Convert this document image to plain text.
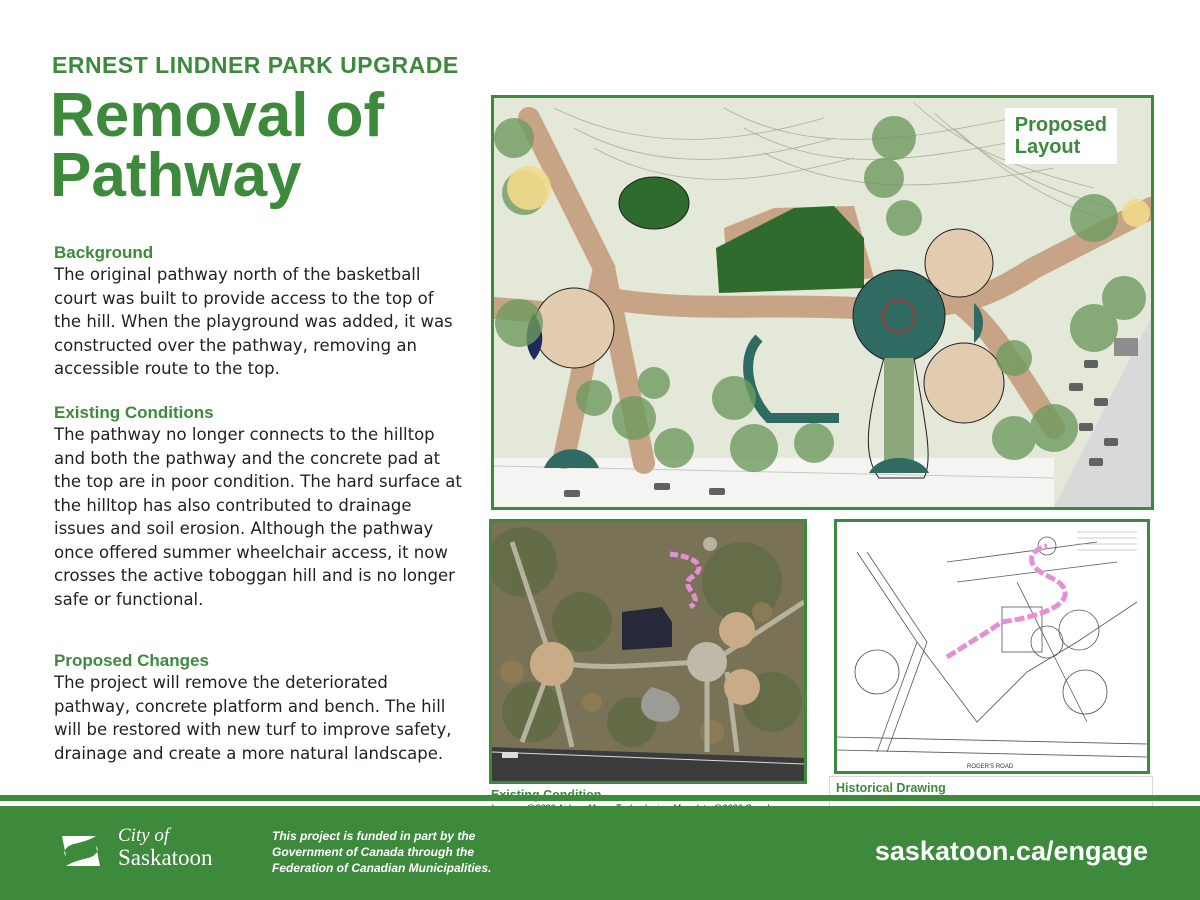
ERNEST LINDNER PARK UPGRADE
Removal of
Pathway
Background

The original pathway north of the basketball court was built to provide access to the top of the hill. When the playground was added, it was constructed over the pathway, removing an accessible route to the top.

Existing Conditions

The pathway no longer connects to the hilltop and both the pathway and the concrete pad at the top are in poor condition. The hard surface at the hilltop has also contributed to drainage issues and soil erosion. Although the pathway once offered summer wheelchair access, it now crosses the active toboggan hill and is no longer safe or functional.

Proposed Changes

The project will remove the deteriorated pathway, concrete platform and bench. The hill will be restored with new turf to improve safety, drainage and create a more natural landscape.

Proposed
Layout
ROGER'S ROAD
Historical Drawing
City of
Saskatoon
This project is funded in part by the
Government of Canada through the
Federation of Canadian Municipalities.
saskatoon.ca/engage
